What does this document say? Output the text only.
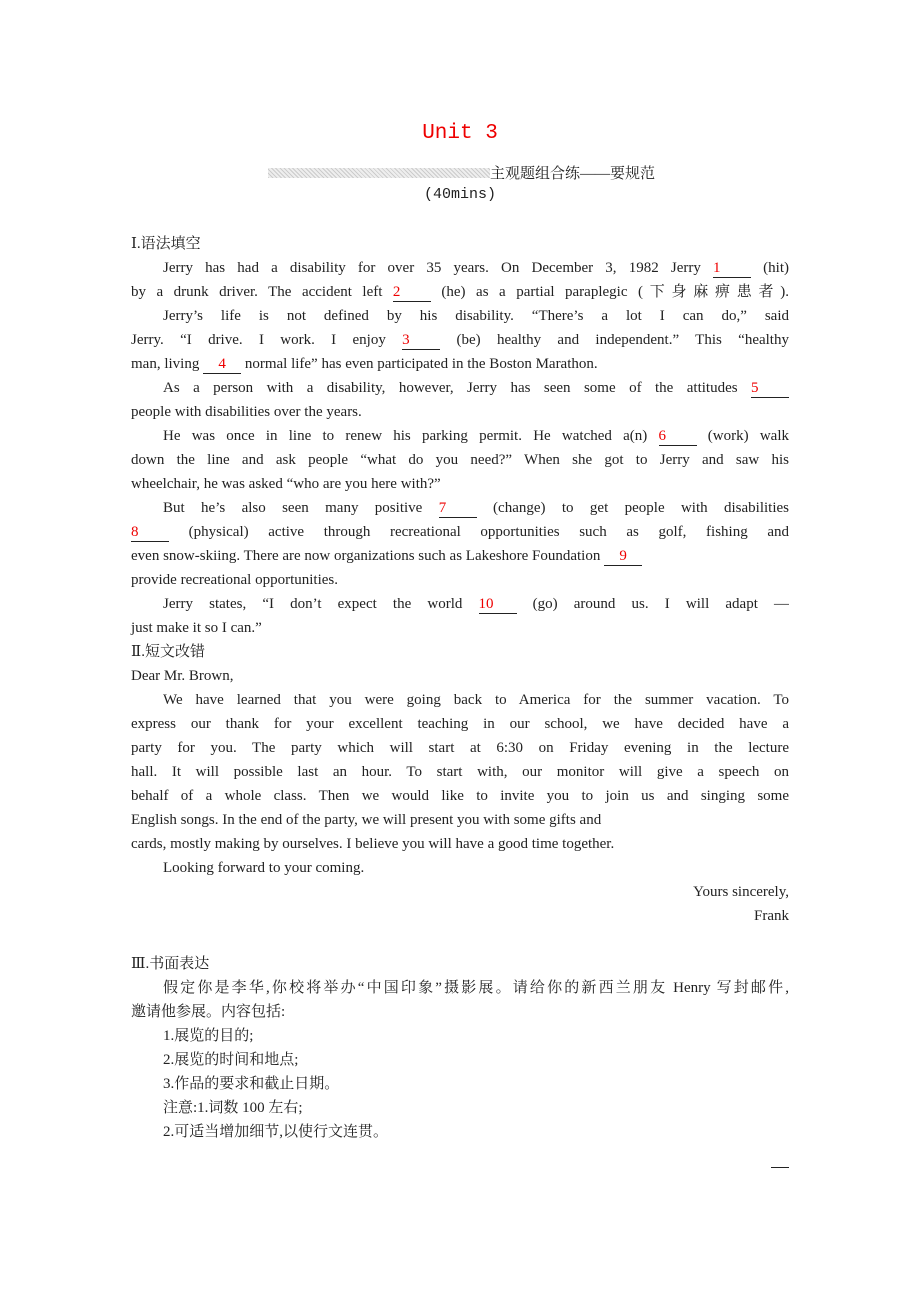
Unit 3
主观题组合练——要规范
(40mins)
Ⅰ.语法填空
Jerry has had a disability for over 35 years. On December 3, 1982 Jerry 1 (hit)
by a drunk driver. The accident left 2 (he) as a partial paraplegic (下身麻痹患者).
Jerry’s life is not defined by his disability. “There’s a lot I can do,” said
Jerry. “I drive. I work. I enjoy 3 (be) healthy and independent.” This “healthy
man, living 4 normal life” has even participated in the Boston Marathon.
As a person with a disability, however, Jerry has seen some of the attitudes 5
people with disabilities over the years.
He was once in line to renew his parking permit. He watched a(n) 6 (work) walk
down the line and ask people “what do you need?” When she got to Jerry and saw his
wheelchair, he was asked “who are you here with?”
But he’s also seen many positive 7 (change) to get people with disabilities
8 (physical) active through recreational opportunities such as golf, fishing and
even snow-skiing. There are now organizations such as Lakeshore Foundation 9
provide recreational opportunities.
Jerry states, “I don’t expect the world 10 (go) around us. I will adapt —
just make it so I can.”
Ⅱ.短文改错
Dear Mr. Brown,
We have learned that you were going back to America for the summer vacation. To
express our thank for your excellent teaching in our school, we have decided have a
party for you. The party which will start at 6:30 on Friday evening in the lecture
hall. It will possible last an hour. To start with, our monitor will give a speech on
behalf of a whole class. Then we would like to invite you to join us and singing some
English songs. In the end of the party, we will present you with some gifts and
cards, mostly making by ourselves. I believe you will have a good time together.
Looking forward to your coming.
Yours sincerely,
Frank
Ⅲ.书面表达
假定你是李华,你校将举办“中国印象”摄影展。请给你的新西兰朋友 Henry 写封邮件,
邀请他参展。内容包括:
1.展览的目的;
2.展览的时间和地点;
3.作品的要求和截止日期。
注意:1.词数 100 左右;
2.可适当增加细节,以使行文连贯。
